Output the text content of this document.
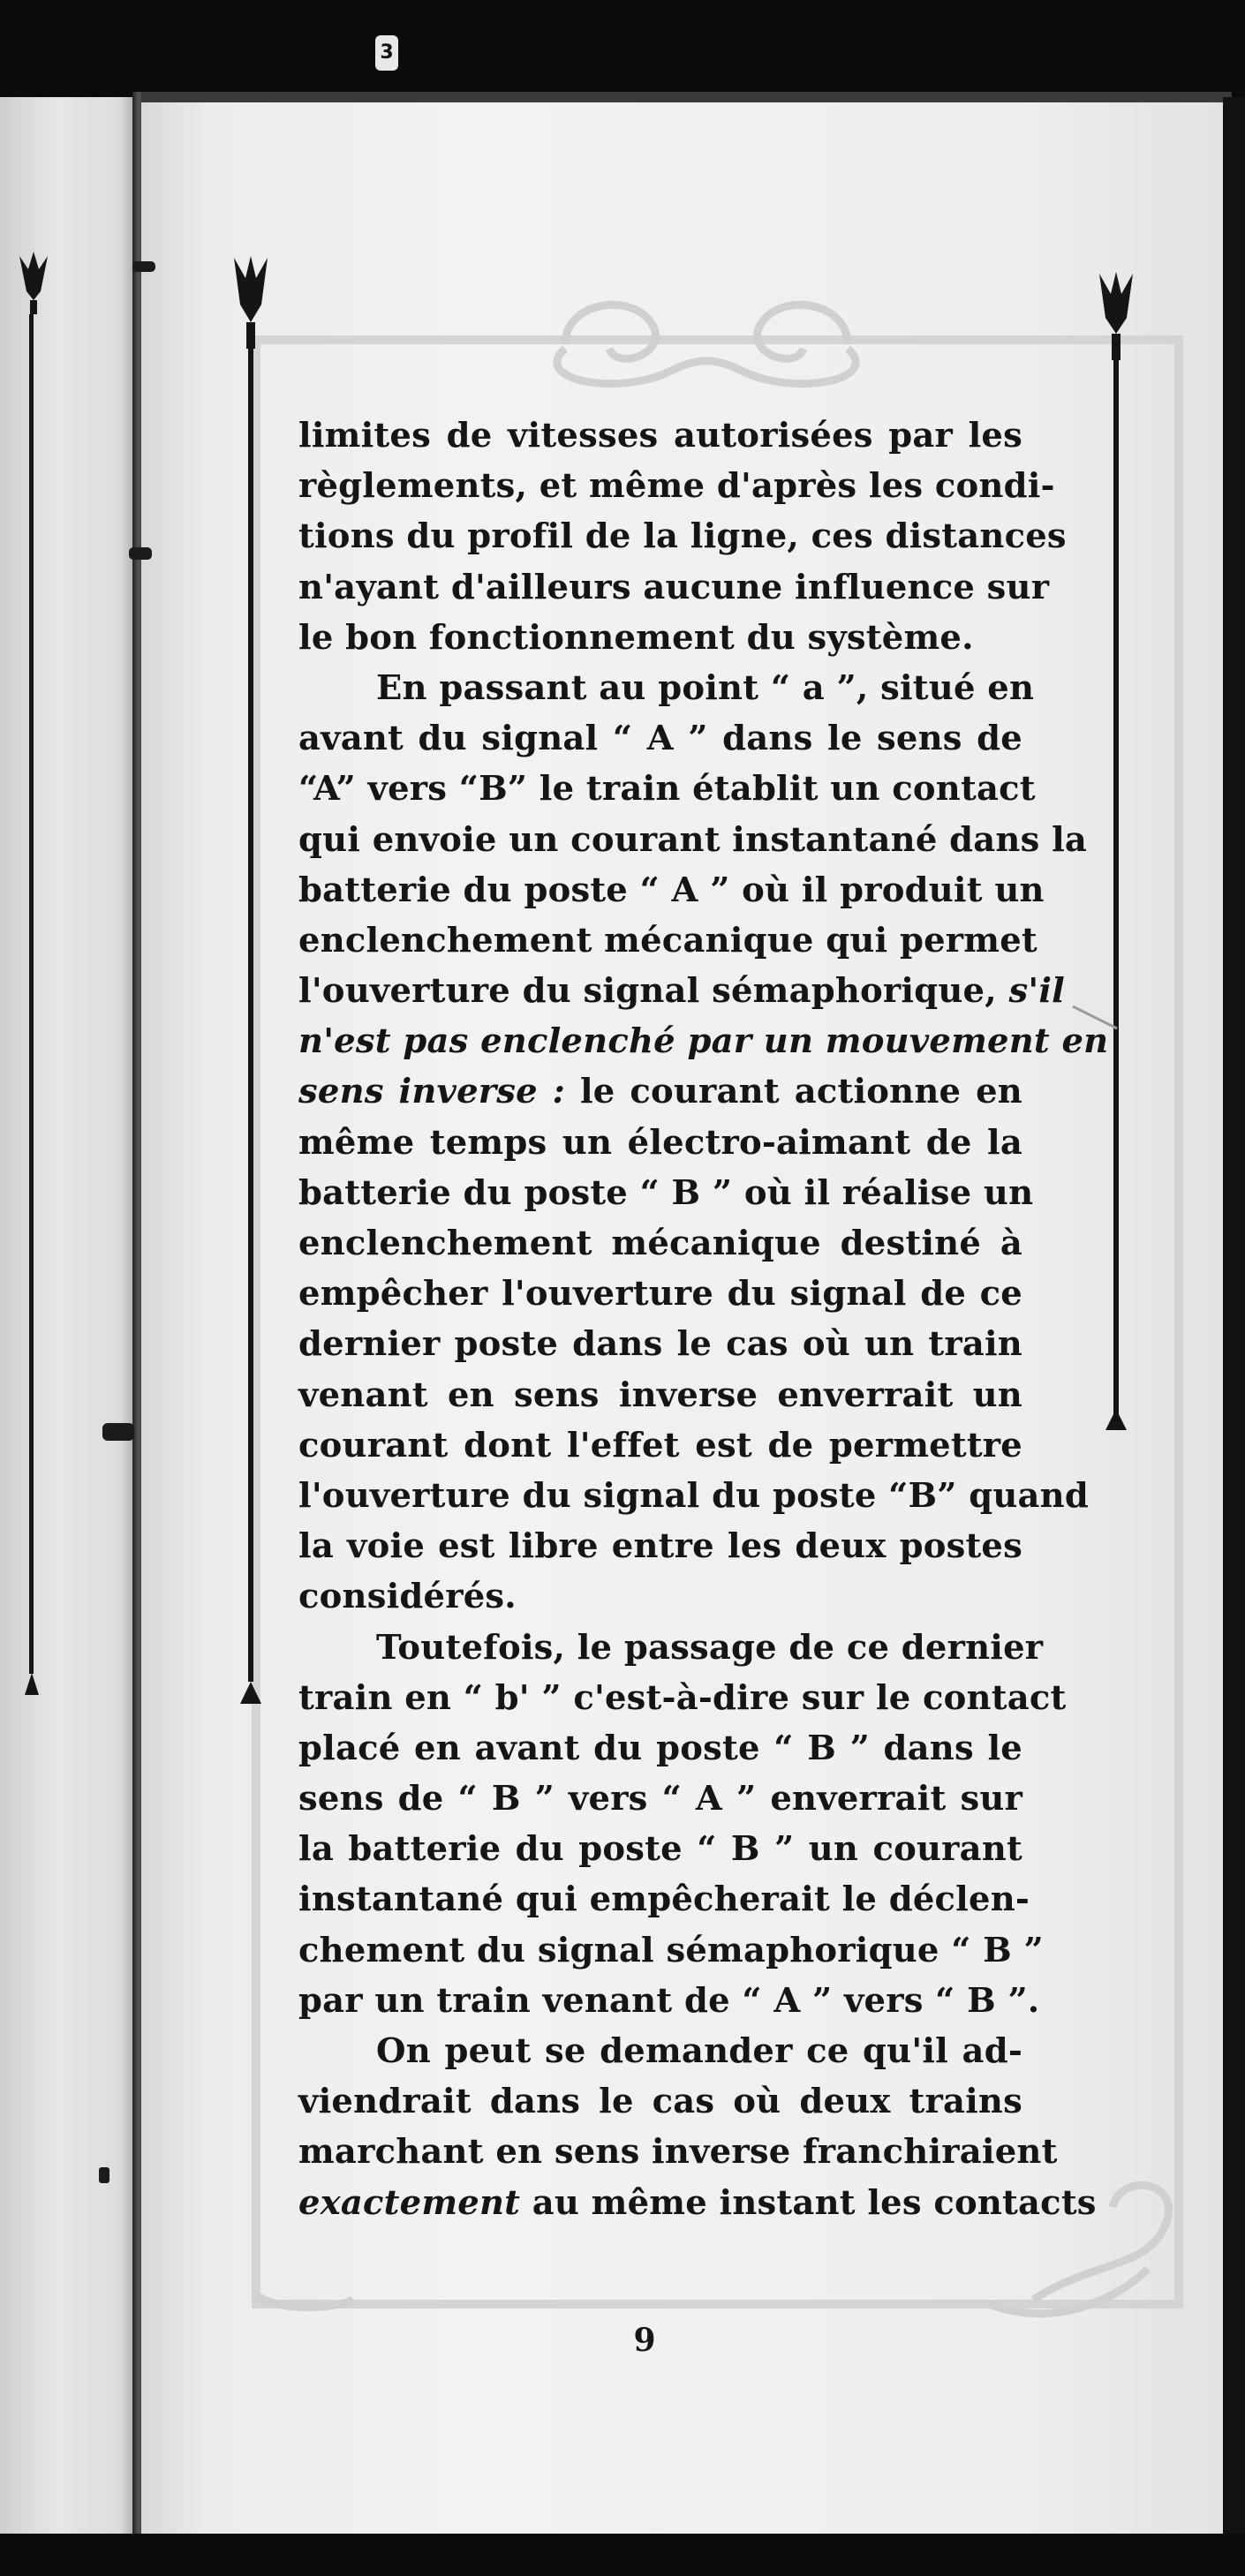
3
limites de vitesses autorisées par les
règlements, et même d'après les condi-
tions du profil de la ligne, ces distances
n'ayant d'ailleurs aucune influence sur
le bon fonctionnement du système.
En passant au point “ a ”, situé en
avant du signal “ A ” dans le sens de
“A” vers “B” le train établit un contact
qui envoie un courant instantané dans la
batterie du poste “ A ” où il produit un
enclenchement mécanique qui permet
l'ouverture du signal sémaphorique, s'il
n'est pas enclenché par un mouvement en
sens inverse : le courant actionne en
même temps un électro-aimant de la
batterie du poste “ B ” où il réalise un
enclenchement mécanique destiné à
empêcher l'ouverture du signal de ce
dernier poste dans le cas où un train
venant en sens inverse enverrait un
courant dont l'effet est de permettre
l'ouverture du signal du poste “B” quand
la voie est libre entre les deux postes
considérés.
Toutefois, le passage de ce dernier
train en “ b' ” c'est-à-dire sur le contact
placé en avant du poste “ B ” dans le
sens de “ B ” vers “ A ” enverrait sur
la batterie du poste “ B ” un courant
instantané qui empêcherait le déclen-
chement du signal sémaphorique “ B ”
par un train venant de “ A ” vers “ B ”.
On peut se demander ce qu'il ad-
viendrait dans le cas où deux trains
marchant en sens inverse franchiraient
exactement au même instant les contacts
9
